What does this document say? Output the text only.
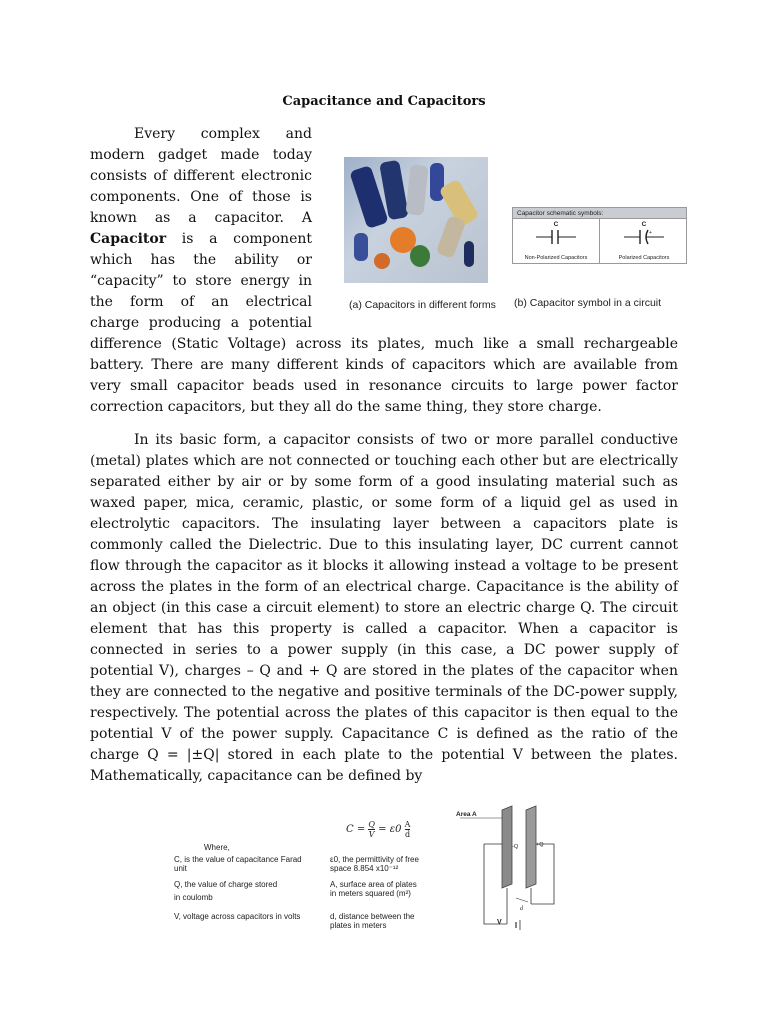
Capacitance and Capacitors
Every complex and
modern gadget made today
consists of different electronic
components. One of those is
known as a capacitor. A
Capacitor is a component
which has the ability or
“capacity” to store energy in
the form of an electrical
charge producing a potential
difference (Static Voltage) across its plates, much like a small rechargeable
battery. There are many different kinds of capacitors which are available from
very small capacitor beads used in resonance circuits to large power factor
correction capacitors, but they all do the same thing, they store charge.
(a) Capacitors in different forms
Capacitor schematic symbols:
C
Non-Polarized Capacitors
C
+
Polarized Capacitors
(b) Capacitor symbol in a circuit
In its basic form, a capacitor consists of two or more parallel conductive
(metal) plates which are not connected or touching each other but are electrically
separated either by air or by some form of a good insulating material such as
waxed paper, mica, ceramic, plastic, or some form of a liquid gel as used in
electrolytic capacitors. The insulating layer between a capacitors plate is
commonly called the Dielectric. Due to this insulating layer, DC current cannot
flow through the capacitor as it blocks it allowing instead a voltage to be present
across the plates in the form of an electrical charge. Capacitance is the ability of
an object (in this case a circuit element) to store an electric charge Q. The circuit
element that has this property is called a capacitor. When a capacitor is
connected in series to a power supply (in this case, a DC power supply of
potential V), charges – Q and + Q are stored in the plates of the capacitor when
they are connected to the negative and positive terminals of the DC-power supply,
respectively. The potential across the plates of this capacitor is then equal to the
potential V of the power supply. Capacitance C is defined as the ratio of the
charge Q = |±Q| stored in each plate to the potential V between the plates.
Mathematically, capacitance can be defined by
$C = \frac{Q}{V} = \varepsilon 0 \frac{A}{d}$
Where,
C, is the value of capacitance Farad
unit
Q, the value of charge stored
in coulomb
V, voltage across capacitors in volts
ε0, the permittivity of free
space 8.854 x10⁻¹²
A, surface area of plates
in meters squared (m²)
d, distance between the
plates in meters
Area A
-Q	+Q
V
d
